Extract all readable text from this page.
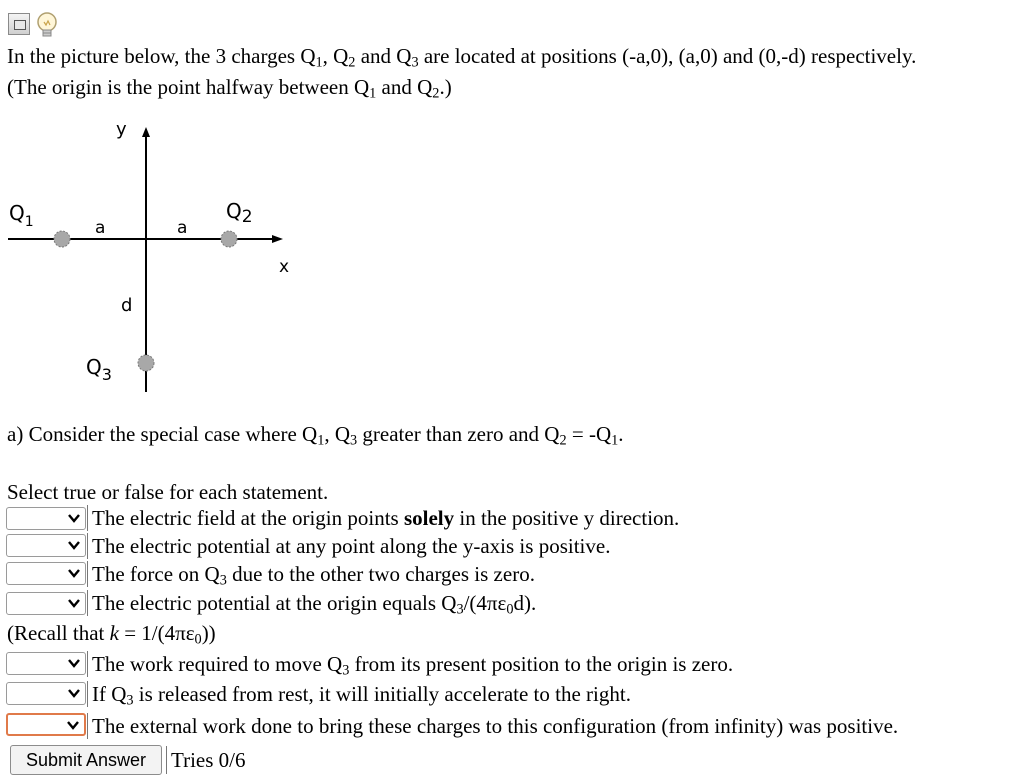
In the picture below, the 3 charges $Q_1$, $Q_2$ and $Q_3$ are located at positions (-a,0), (a,0) and (0,-d) respectively.
(The origin is the point halfway between $Q_1$ and $Q_2$.)
y
x
$Q_1$	$Q_2$
$Q_3$
a	a
d
a) Consider the special case where $Q_1$, $Q_3$ greater than zero and $Q_2 = -Q_1$.
Select true or false for each statement.
The electric field at the origin points solely in the positive y direction.
The electric potential at any point along the y-axis is positive.
The force on $Q_3$ due to the other two charges is zero.
The electric potential at the origin equals $Q_3/(4\pi\varepsilon_0d)$.
(Recall that $k = 1/(4\pi\varepsilon_0)$)
The work required to move $Q_3$ from its present position to the origin is zero.
If $Q_3$ is released from rest, it will initially accelerate to the right.
The external work done to bring these charges to this configuration (from infinity) was positive.
Submit Answer	Tries 0/6
